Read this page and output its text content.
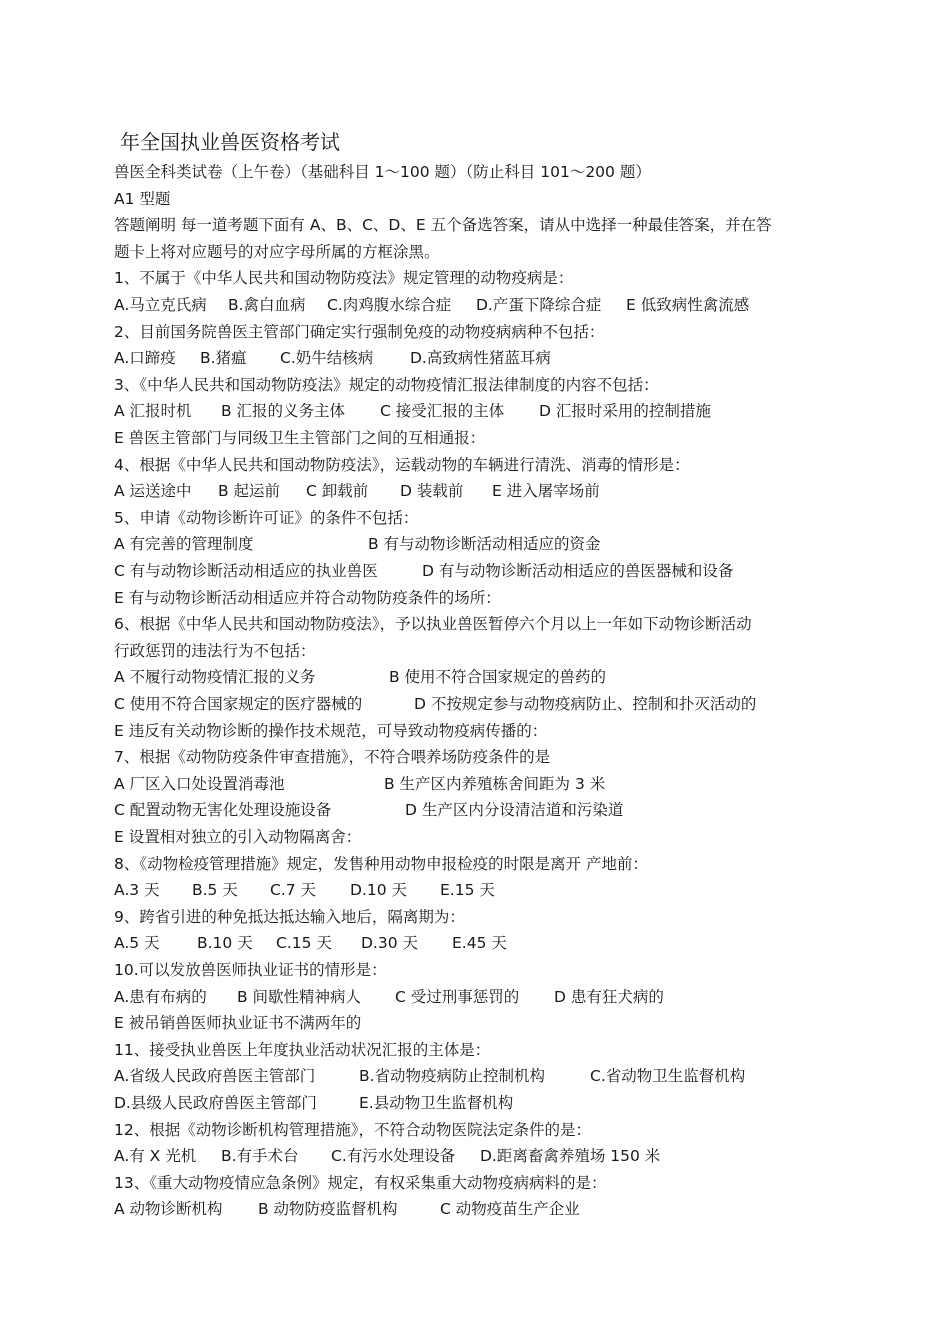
年全国执业兽医资格考试
兽医全科类试卷（上午卷）（基础科目 1～100 题）（防止科目 101～200 题）
A1 型题
答题阐明 每一道考题下面有 A、B、C、D、E 五个备选答案，请从中选择一种最佳答案，并在答
题卡上将对应题号的对应字母所属的方框涂黑。
1、不属于《中华人民共和国动物防疫法》规定管理的动物疫病是：
A.马立克氏病 B.禽白血病 C.肉鸡腹水综合症 D.产蛋下降综合症 E 低致病性禽流感
2、目前国务院兽医主管部门确定实行强制免疫的动物疫病病种不包括：
A.口蹄疫 B.猪瘟 C.奶牛结核病 D.高致病性猪蓝耳病
3、《中华人民共和国动物防疫法》规定的动物疫情汇报法律制度的内容不包括：
A 汇报时机 B 汇报的义务主体 C 接受汇报的主体 D 汇报时采用的控制措施
E 兽医主管部门与同级卫生主管部门之间的互相通报：
4、根据《中华人民共和国动物防疫法》，运载动物的车辆进行清洗、消毒的情形是：
A 运送途中 B 起运前 C 卸载前 D 装载前 E 进入屠宰场前
5、申请《动物诊断许可证》的条件不包括：
A 有完善的管理制度	B 有与动物诊断活动相适应的资金
C 有与动物诊断活动相适应的执业兽医	D 有与动物诊断活动相适应的兽医器械和设备
E 有与动物诊断活动相适应并符合动物防疫条件的场所：
6、根据《中华人民共和国动物防疫法》，予以执业兽医暂停六个月以上一年如下动物诊断活动
行政惩罚的违法行为不包括：
A 不履行动物疫情汇报的义务	B 使用不符合国家规定的兽药的
C 使用不符合国家规定的医疗器械的	D 不按规定参与动物疫病防止、控制和扑灭活动的
E 违反有关动物诊断的操作技术规范，可导致动物疫病传播的：
7、根据《动物防疫条件审查措施》，不符合喂养场防疫条件的是
A 厂区入口处设置消毒池	B 生产区内养殖栋舍间距为 3 米
C 配置动物无害化处理设施设备	D 生产区内分设清洁道和污染道
E 设置相对独立的引入动物隔离舍：
8、《动物检疫管理措施》规定，发售种用动物申报检疫的时限是离开 产地前：
A.3 天 B.5 天 C.7 天 D.10 天 E.15 天
9、跨省引进的种免抵达抵达输入地后，隔离期为：
A.5 天 B.10 天 C.15 天 D.30 天 E.45 天
10.可以发放兽医师执业证书的情形是：
A.患有布病的 B 间歇性精神病人 C 受过刑事惩罚的 D 患有狂犬病的
E 被吊销兽医师执业证书不满两年的
11、接受执业兽医上年度执业活动状况汇报的主体是：
A.省级人民政府兽医主管部门	B.省动物疫病防止控制机构	C.省动物卫生监督机构
D.县级人民政府兽医主管部门	E.县动物卫生监督机构
12、根据《动物诊断机构管理措施》，不符合动物医院法定条件的是：
A.有 X 光机 B.有手术台 C.有污水处理设备 D.距离畜禽养殖场 150 米
13、《重大动物疫情应急条例》规定，有权采集重大动物疫病病料的是：
A 动物诊断机构 B 动物防疫监督机构	C 动物疫苗生产企业
